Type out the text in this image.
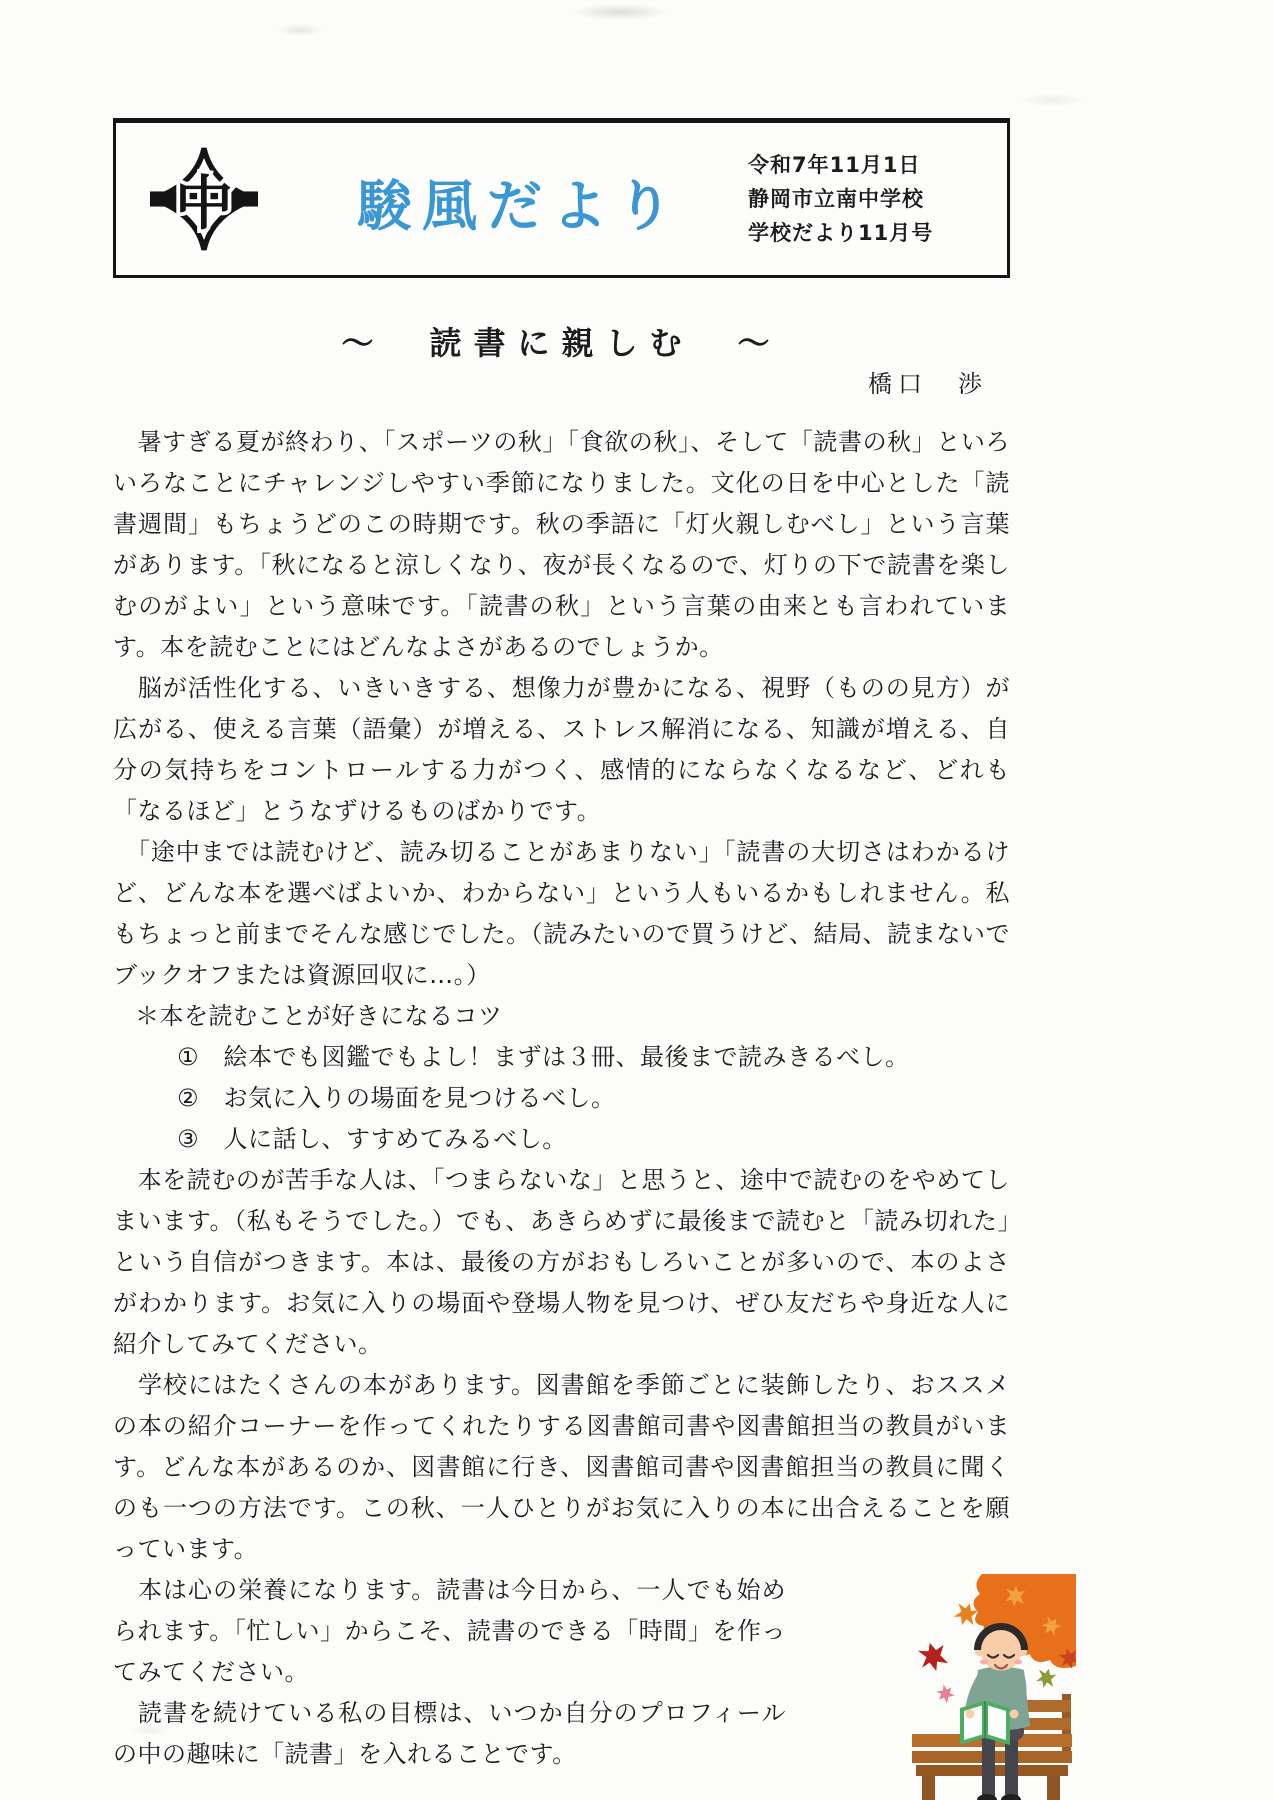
中	駿風だより
令和7年11月1日
静岡市立南中学校
学校だより11月号
～　読書に親しむ　～
橋口　渉

　暑すぎる夏が終わり、「スポーツの秋」「食欲の秋」、そして「読書の秋」といろいろなことにチャレンジしやすい季節になりました。文化の日を中心とした「読書週間」もちょうどのこの時期です。秋の季語に「灯火親しむべし」という言葉があります。「秋になると涼しくなり、夜が長くなるので、灯りの下で読書を楽しむのがよい」という意味です。「読書の秋」という言葉の由来とも言われています。本を読むことにはどんなよさがあるのでしょうか。

　脳が活性化する、いきいきする、想像力が豊かになる、視野（ものの見方）が広がる、使える言葉（語彙）が増える、ストレス解消になる、知識が増える、自分の気持ちをコントロールする力がつく、感情的にならなくなるなど、どれも「なるほど」とうなずけるものばかりです。

　「途中までは読むけど、読み切ることがあまりない」「読書の大切さはわかるけど、どんな本を選べばよいか、わからない」という人もいるかもしれません。私もちょっと前までそんな感じでした。（読みたいので買うけど、結局、読まないでブックオフまたは資源回収に…。）

＊本を読むことが好きになるコツ

①　絵本でも図鑑でもよし！まずは３冊、最後まで読みきるべし。

②　お気に入りの場面を見つけるべし。

③　人に話し、すすめてみるべし。

　本を読むのが苦手な人は、「つまらないな」と思うと、途中で読むのをやめてしまいます。（私もそうでした。）でも、あきらめずに最後まで読むと「読み切れた」という自信がつきます。本は、最後の方がおもしろいことが多いので、本のよさがわかります。お気に入りの場面や登場人物を見つけ、ぜひ友だちや身近な人に紹介してみてください。

　学校にはたくさんの本があります。図書館を季節ごとに装飾したり、おススメの本の紹介コーナーを作ってくれたりする図書館司書や図書館担当の教員がいます。どんな本があるのか、図書館に行き、図書館司書や図書館担当の教員に聞くのも一つの方法です。この秋、一人ひとりがお気に入りの本に出合えることを願っています。

　本は心の栄養になります。読書は今日から、一人でも始められます。「忙しい」からこそ、読書のできる「時間」を作ってみてください。

　読書を続けている私の目標は、いつか自分のプロフィールの中の趣味に「読書」を入れることです。
